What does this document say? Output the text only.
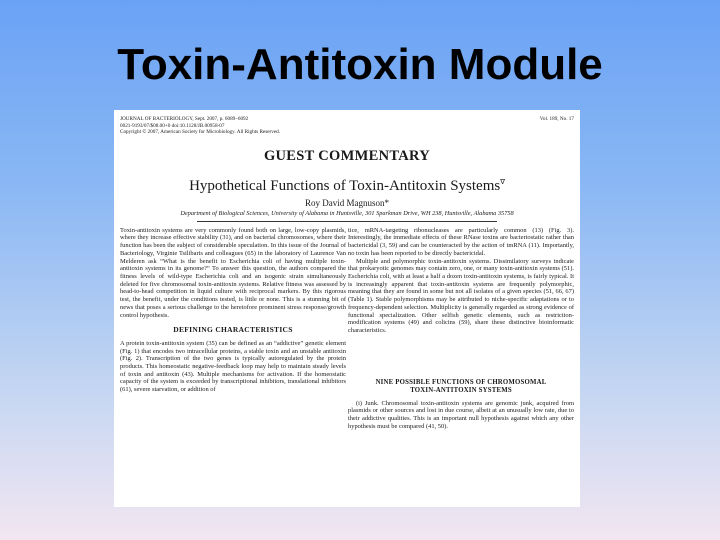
Toxin-Antitoxin Module
JOURNAL OF BACTERIOLOGY, Sept. 2007, p. 6089–6092
0021-9193/07/$08.00+0 doi:10.1128/JB.00958-07
Copyright © 2007, American Society for Microbiology. All Rights Reserved.
Vol. 189, No. 17
GUEST COMMENTARY
Hypothetical Functions of Toxin-Antitoxin Systems∇
Roy David Magnuson*
Department of Biological Sciences, University of Alabama in Huntsville, 301 Sparkman Drive, WH 238, Huntsville, Alabama 35758

Toxin-antitoxin systems are very commonly found both on large, low-copy plasmids, where they increase effective stability (31), and on bacterial chromosomes, where their function has been the subject of considerable speculation. In this issue of the Journal of Bacteriology, Virginie Tsilibaris and colleagues (65) in the laboratory of Laurence Van Melderen ask “What is the benefit to Escherichia coli of having multiple toxin-antitoxin systems in its genome?” To answer this question, the authors compared the fitness levels of wild-type Escherichia coli and an isogenic strain simultaneously deleted for five chromosomal toxin-antitoxin systems. Relative fitness was assessed by head-to-head competition in liquid culture with reciprocal markers. By this rigorous test, the benefit, under the conditions tested, is little or none. This is a stunning bit of news that poses a serious challenge to the heretofore prominent stress response/growth control hypothesis.

DEFINING CHARACTERISTICS

A protein toxin-antitoxin system (35) can be defined as an “addictive” genetic element (Fig. 1) that encodes two intracellular proteins, a stable toxin and an unstable antitoxin (Fig. 2). Transcription of the two genes is typically autoregulated by the protein products. This homeostatic negative-feedback loop may help to maintain steady levels of toxin and antitoxin (43). Multiple mechanisms for activation. If the homeostatic capacity of the system is exceeded by transcriptional inhibitors, translational inhibitors (61), severe starvation, or addition of

tice, mRNA-targeting ribonucleases are particularly common (13) (Fig. 3). Interestingly, the immediate effects of these RNase toxins are bacteriostatic rather than bactericidal (3, 59) and can be counteracted by the action of tmRNA (11). Importantly, no toxin has been reported to be directly bactericidal.

Multiple and polymorphic toxin-antitoxin systems. Dissimilatory surveys indicate that prokaryotic genomes may contain zero, one, or many toxin-antitoxin systems (51). Escherichia coli, with at least a half a dozen toxin-antitoxin systems, is fairly typical. It is increasingly apparent that toxin-antitoxin systems are frequently polymorphic, meaning that they are found in some but not all isolates of a given species (51, 66, 67) (Table 1). Stable polymorphisms may be attributed to niche-specific adaptations or to frequency-dependent selection. Multiplicity is generally regarded as strong evidence of functional specialization. Other selfish genetic elements, such as restriction-modification systems (49) and colicins (59), share these distinctive bioinformatic characteristics.

NINE POSSIBLE FUNCTIONS OF CHROMOSOMAL
TOXIN-ANTITOXIN SYSTEMS

(i) Junk. Chromosomal toxin-antitoxin systems are genomic junk, acquired from plasmids or other sources and lost in due course, albeit at an unusually low rate, due to their addictive qualities. This is an important null hypothesis against which any other hypothesis must be compared (41, 50).
